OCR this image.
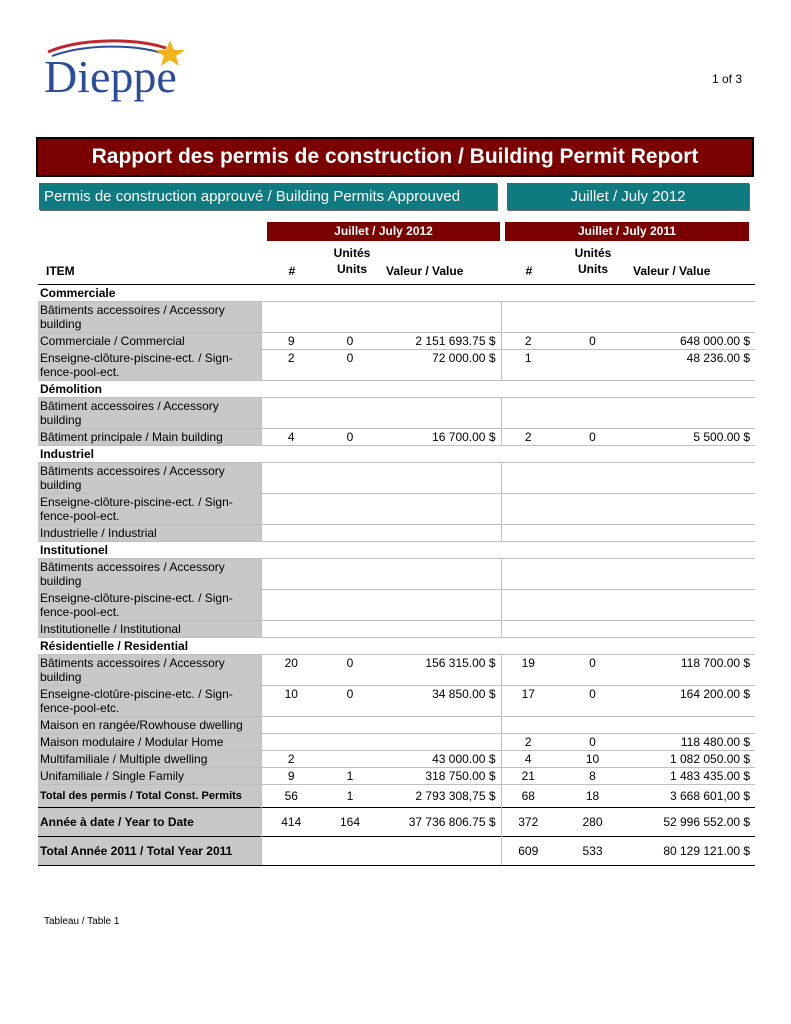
Dieppe	1 of 3
Rapport des permis de construction / Building Permit Report
Permis de construction approuvé / Building Permits Approuved	Juillet / July 2012
Juillet / July 2012	Juillet / July 2011
ITEM	#
Unités
Units	Valeur / Value	#
Unités
Units	Valeur / Value
Commerciale						
Bâtiments accessoires / Accessory building						
Commerciale / Commercial	9	0	2 151 693.75 $	2	0	648 000.00 $
Enseigne-clôture-piscine-ect. / Sign-fence-pool-ect.	2	0	72 000.00 $	1		48 236.00 $
Démolition						
Bâtiment accessoires / Accessory building						
Bâtiment principale / Main building	4	0	16 700.00 $	2	0	5 500.00 $
Industriel						
Bâtiments accessoires / Accessory building						
Enseigne-clôture-piscine-ect. / Sign-fence-pool-ect.						
Industrielle / Industrial						
Institutionel						
Bâtiments accessoires / Accessory building						
Enseigne-clôture-piscine-ect. / Sign-fence-pool-ect.						
Institutionelle / Institutional						
Résidentielle / Residential						
Bâtiments accessoires / Accessory building	20	0	156 315.00 $	19	0	118 700.00 $
Enseigne-clotûre-piscine-etc. / Sign-fence-pool-etc.	10	0	34 850.00 $	17	0	164 200.00 $
Maison en rangée/Rowhouse dwelling						
Maison modulaire / Modular Home				2	0	118 480.00 $
Multifamiliale / Multiple dwelling	2		43 000.00 $	4	10	1 082 050.00 $
Unifamiliale / Single Family	9	1	318 750.00 $	21	8	1 483 435.00 $
Total des permis / Total Const. Permits	56	1	2 793 308,75 $	68	18	3 668 601,00 $
Année à date / Year to Date	414	164	37 736 806.75 $	372	280	52 996 552.00 $
Total Année 2011 / Total Year 2011				609	533	80 129 121.00 $
Tableau / Table 1
